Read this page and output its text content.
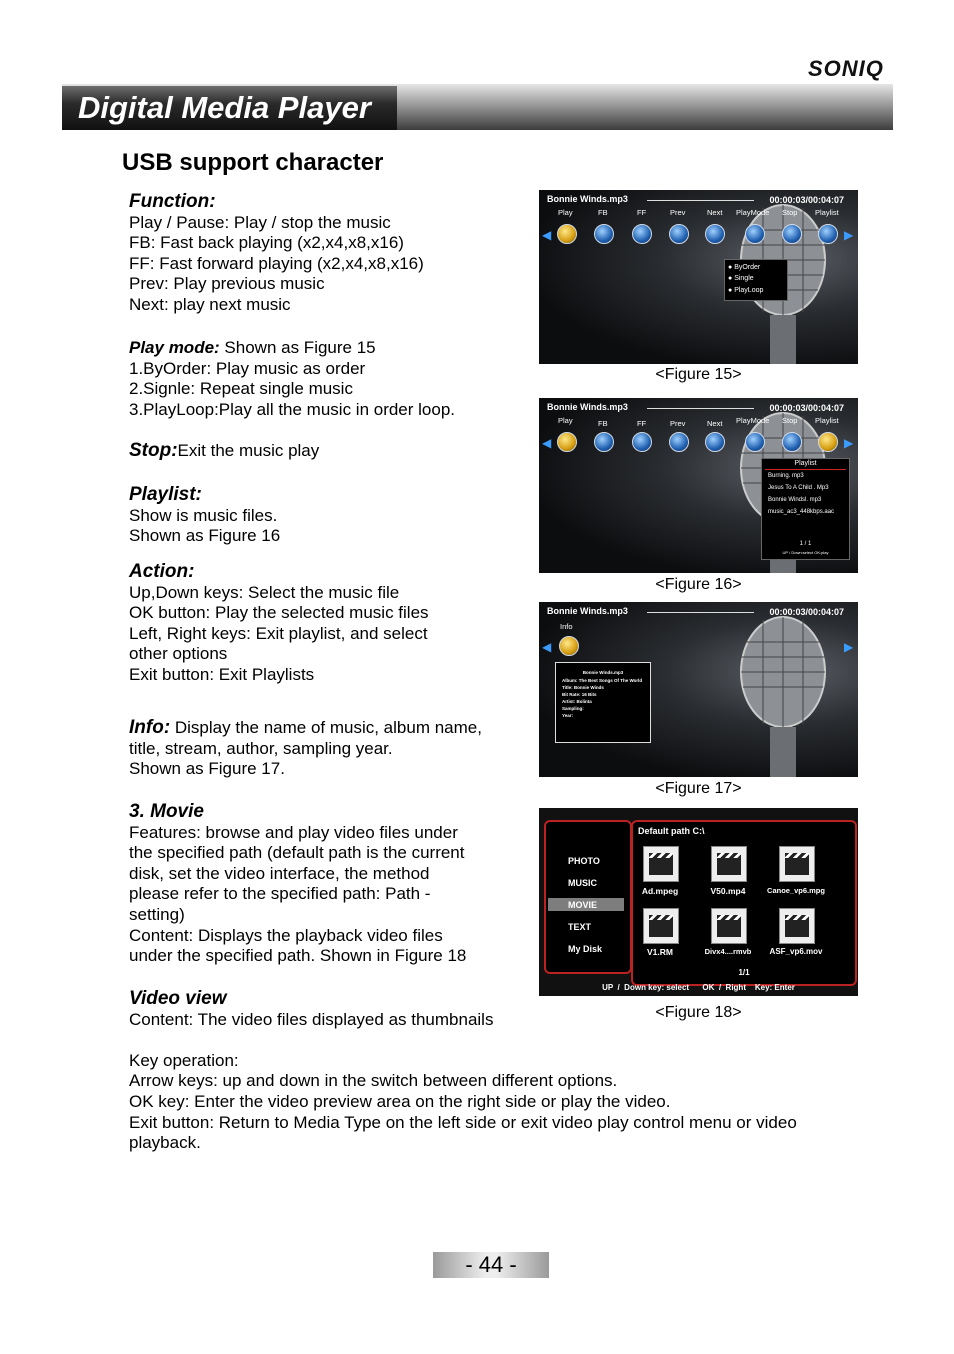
SONIQ
Digital Media Player
USB support character
Function:
Play / Pause: Play / stop the music
FB: Fast back playing (x2,x4,x8,x16)
FF: Fast forward playing (x2,x4,x8,x16)
Prev: Play previous music
Next: play next music
Play mode: Shown as Figure 15
1.ByOrder: Play music as order
2.Signle: Repeat single music
3.PlayLoop:Play all the music in order loop.
Stop:Exit the music play
Playlist:
Show is music files.
Shown as Figure 16
Action:
Up,Down keys: Select the music file
OK button: Play the selected music files
Left, Right keys: Exit playlist, and select
other options
Exit button: Exit Playlists
Info: Display the name of music, album name,
title, stream, author, sampling year.
Shown as Figure 17.
3. Movie
Features: browse and play video files under
the specified path (default path is the current
disk, set the video interface, the method
please refer to the specified path: Path -
setting)
Content: Displays the playback video files
under the specified path. Shown in Figure 18
Video view
Content: The video files displayed as thumbnails
Key operation:
Arrow keys: up and down in the switch between different options.
OK key: Enter the video preview area on the right side or play the video.
Exit button: Return to Media Type on the left side or exit video play control menu or video
playback.
Bonnie Winds.mp3	00:00:03/00:04:07
Play	FB	FF	Prev	Next PlayMode Stop Playlist
◀	▶
● ByOrder
● Single
● PlayLoop
<Figure 15>
Bonnie Winds.mp3	00:00:03/00:04:07
Play	FB	FF	Prev	Next PlayMode Stop Playlist
◀	▶
Playlist
Burning. mp3
Jesus To A Child . Mp3
Bonnie Windsl. mp3
music_ac3_448kbps.aac
1 / 1
UP / Down:select OK:play
<Figure 16>
Bonnie Winds.mp3	00:00:03/00:04:07
Info
◀	▶
Bonnie Winds.mp3
Album: The Best Songs Of The World
Title: Bonnie Winds
Bit Rate: 16 Bits
Artist: Bolinta
Sampling:
Year:
<Figure 17>
PHOTO
MUSIC
MOVIE
TEXT
My Disk
Default path C:\
Ad.mpeg	V50.mp4	Canoe_vp6.mpg
V1.RM	Divx4....rmvb	ASF_vp6.mov
1/1
UP  /  Down key: select      OK  /  Right    Key: Enter
<Figure 18>
- 44 -
